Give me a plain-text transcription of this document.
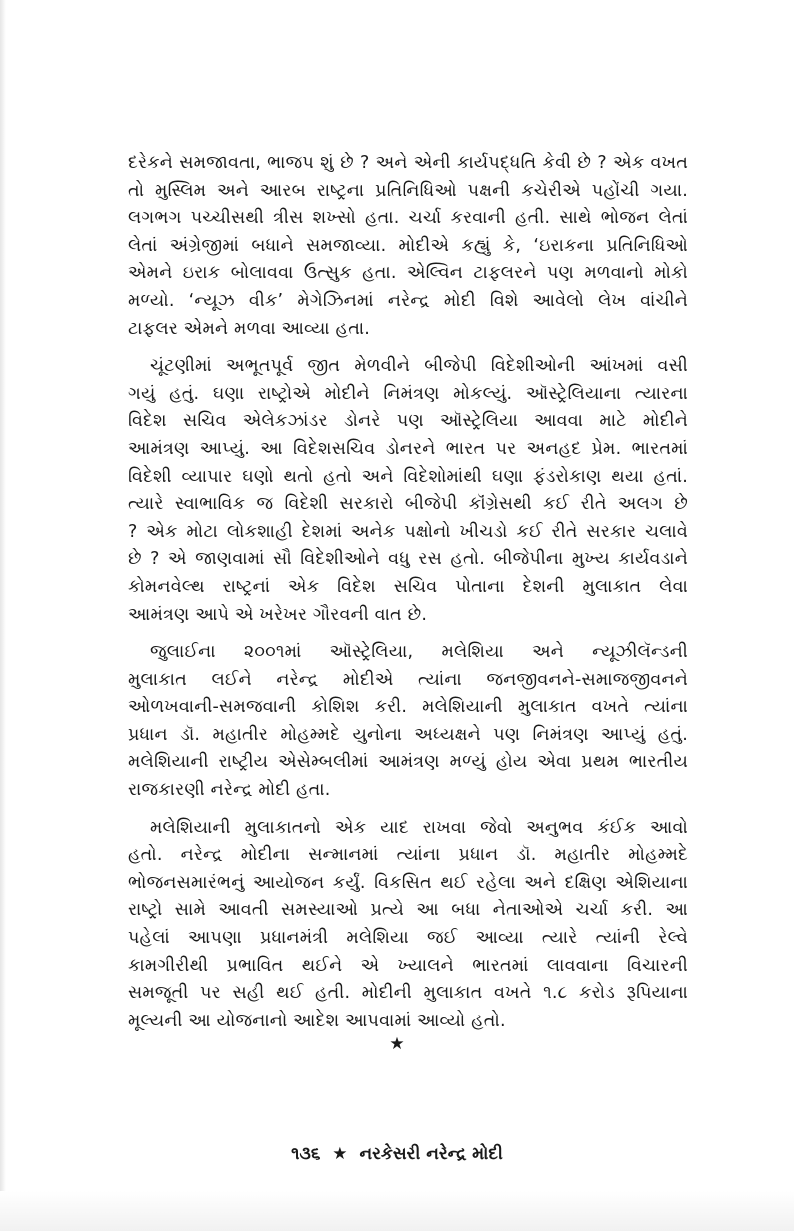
દરેકને સમજાવતા, ભાજપ શું છે ? અને એની કાર્યપદ્ધતિ કેવી છે ? એક વખત
તો મુસ્લિમ અને આરબ રાષ્ટ્રના પ્રતિનિધિઓ પક્ષની કચેરીએ પહોંચી ગયા.
લગભગ પચ્ચીસથી ત્રીસ શખ્સો હતા. ચર્ચા કરવાની હતી. સાથે ભોજન લેતાં
લેતાં અંગ્રેજીમાં બધાને સમજાવ્યા. મોદીએ કહ્યું કે, ‘ઇરાકના પ્રતિનિધિઓ
એમને ઇરાક બોલાવવા ઉત્સુક હતા. એલ્વિન ટાફલરને પણ મળવાનો મોકો
મળ્યો. ‘ન્યૂઝ વીક’ મેગેઝિનમાં નરેન્દ્ર મોદી વિશે આવેલો લેખ વાંચીને
ટાફલર એમને મળવા આવ્યા હતા.
ચૂંટણીમાં અભૂતપૂર્વ જીત મેળવીને બીજેપી વિદેશીઓની આંખમાં વસી
ગયું હતું. ઘણા રાષ્ટ્રોએ મોદીને નિમંત્રણ મોકલ્યું. ઑસ્ટ્રેલિયાના ત્યારના
વિદેશ સચિવ એલેકઝાંડર ડોનરે પણ ઑસ્ટ્રેલિયા આવવા માટે મોદીને
આમંત્રણ આપ્યું. આ વિદેશસચિવ ડોનરને ભારત પર અનહદ પ્રેમ. ભારતમાં
વિદેશી વ્યાપાર ઘણો થતો હતો અને વિદેશોમાંથી ઘણા ફંડરોકાણ થયા હતાં.
ત્યારે સ્વાભાવિક જ વિદેશી સરકારો બીજેપી કૉંગ્રેસથી કઈ રીતે અલગ છે
? એક મોટા લોકશાહી દેશમાં અનેક પક્ષોનો ખીચડો કઈ રીતે સરકાર ચલાવે
છે ? એ જાણવામાં સૌ વિદેશીઓને વધુ રસ હતો. બીજેપીના મુખ્ય કાર્યવડાને
કોમનવેલ્થ રાષ્ટ્રનાં એક વિદેશ સચિવ પોતાના દેશની મુલાકાત લેવા
આમંત્રણ આપે એ ખરેખર ગૌરવની વાત છે.
જુલાઈના ૨૦૦૧માં ઑસ્ટ્રેલિયા, મલેશિયા અને ન્યૂઝીલૅન્ડની
મુલાકાત લઈને નરેન્દ્ર મોદીએ ત્યાંના જનજીવનને-સમાજજીવનને
ઓળખવાની-સમજવાની કોશિશ કરી. મલેશિયાની મુલાકાત વખતે ત્યાંના
પ્રધાન ડૉ. મહાતીર મોહમ્મદે યુનોના અધ્યક્ષને પણ નિમંત્રણ આપ્યું હતું.
મલેશિયાની રાષ્ટ્રીય એસેમ્બલીમાં આમંત્રણ મળ્યું હોય એવા પ્રથમ ભારતીય
રાજકારણી નરેન્દ્ર મોદી હતા.
મલેશિયાની મુલાકાતનો એક યાદ રાખવા જેવો અનુભવ કંઈક આવો
હતો. નરેન્દ્ર મોદીના સન્માનમાં ત્યાંના પ્રધાન ડૉ. મહાતીર મોહમ્મદે
ભોજનસમારંભનું આયોજન કર્યું. વિકસિત થઈ રહેલા અને દક્ષિણ એશિયાના
રાષ્ટ્રો સામે આવતી સમસ્યાઓ પ્રત્યે આ બધા નેતાઓએ ચર્ચા કરી. આ
પહેલાં આપણા પ્રધાનમંત્રી મલેશિયા જઈ આવ્યા ત્યારે ત્યાંની રેલ્વે
કામગીરીથી પ્રભાવિત થઈને એ ખ્યાલને ભારતમાં લાવવાના વિચારની
સમજૂતી પર સહી થઈ હતી. મોદીની મુલાકાત વખતે ૧.૮ કરોડ રૂપિયાના
મૂલ્યની આ યોજનાનો આદેશ આપવામાં આવ્યો હતો.
★
૧૩૬ ★ નરકેસરી નરેન્દ્ર મોદી
